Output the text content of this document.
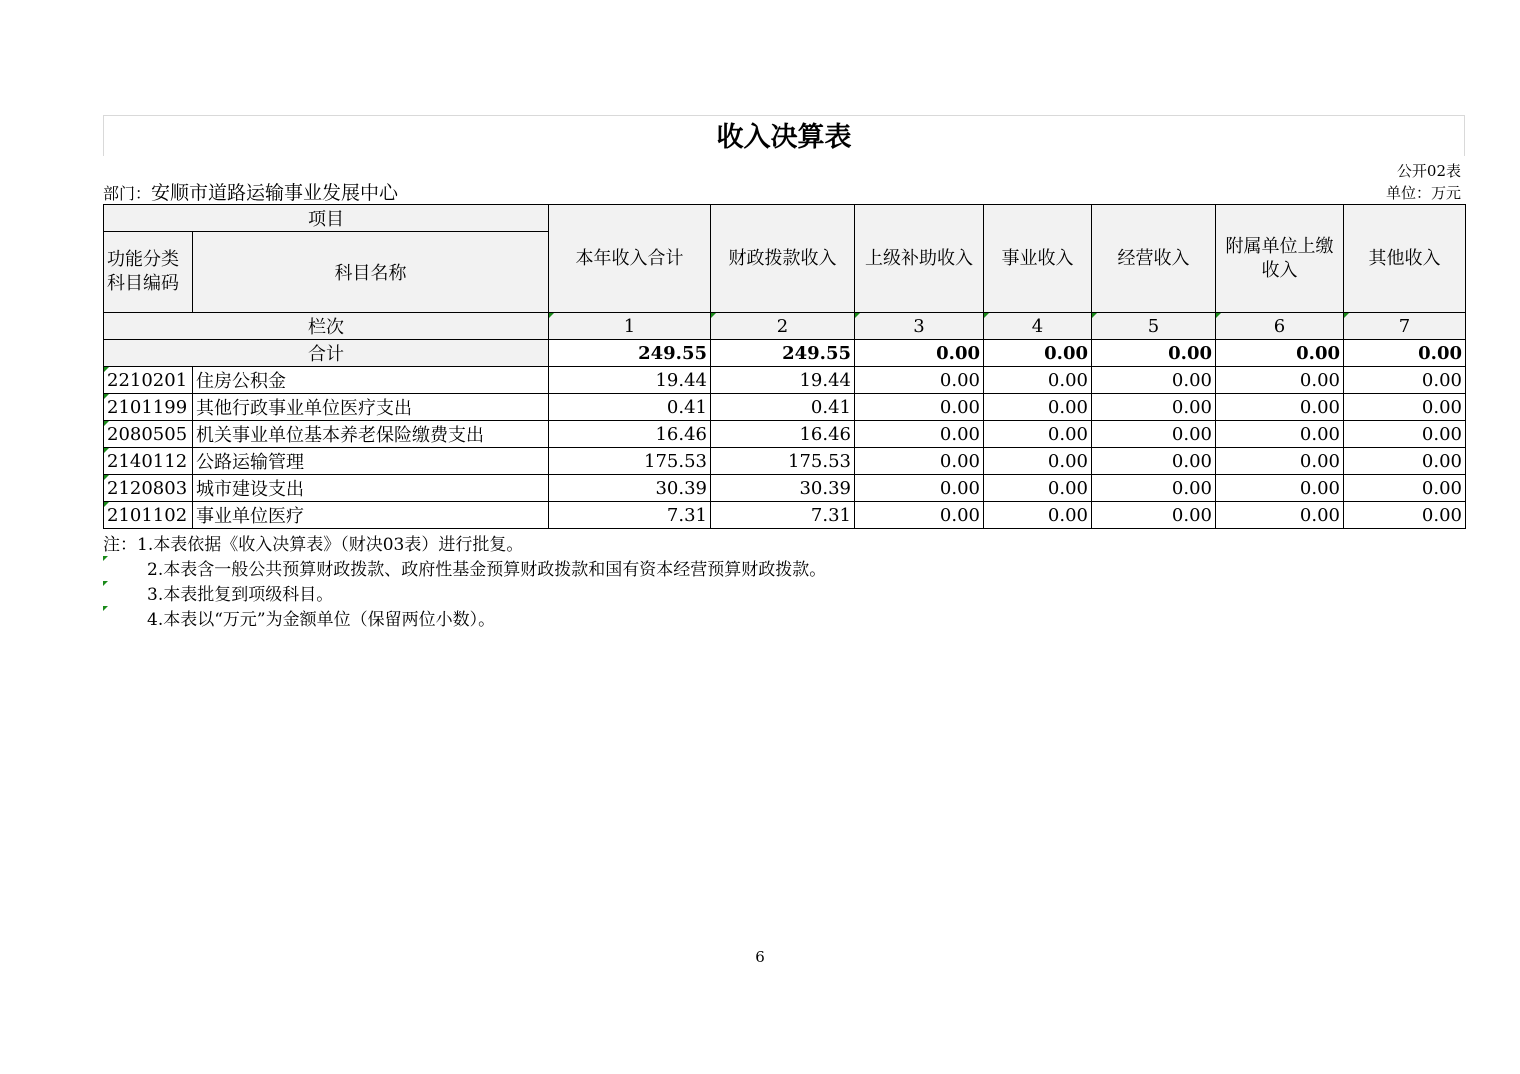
收入决算表
公开02表
部门：安顺市道路运输事业发展中心	单位：万元
项目		本年收入合计	财政拨款收入	上级补助收入	事业收入	经营收入	附属单位上缴收入	其他收入
功能分类科目编码	科目名称							
栏次		1	2	3	4	5	6	7
合计		249.55	249.55	0.00	0.00	0.00	0.00	0.00
2210201	住房公积金	19.44	19.44	0.00	0.00	0.00	0.00	0.00
2101199	其他行政事业单位医疗支出	0.41	0.41	0.00	0.00	0.00	0.00	0.00
2080505	机关事业单位基本养老保险缴费支出	16.46	16.46	0.00	0.00	0.00	0.00	0.00
2140112	公路运输管理	175.53	175.53	0.00	0.00	0.00	0.00	0.00
2120803	城市建设支出	30.39	30.39	0.00	0.00	0.00	0.00	0.00
2101102	事业单位医疗	7.31	7.31	0.00	0.00	0.00	0.00	0.00
注：1.本表依据《收入决算表》（财决03表）进行批复。
2.本表含一般公共预算财政拨款、政府性基金预算财政拨款和国有资本经营预算财政拨款。
3.本表批复到项级科目。
4.本表以“万元”为金额单位（保留两位小数）。
6
